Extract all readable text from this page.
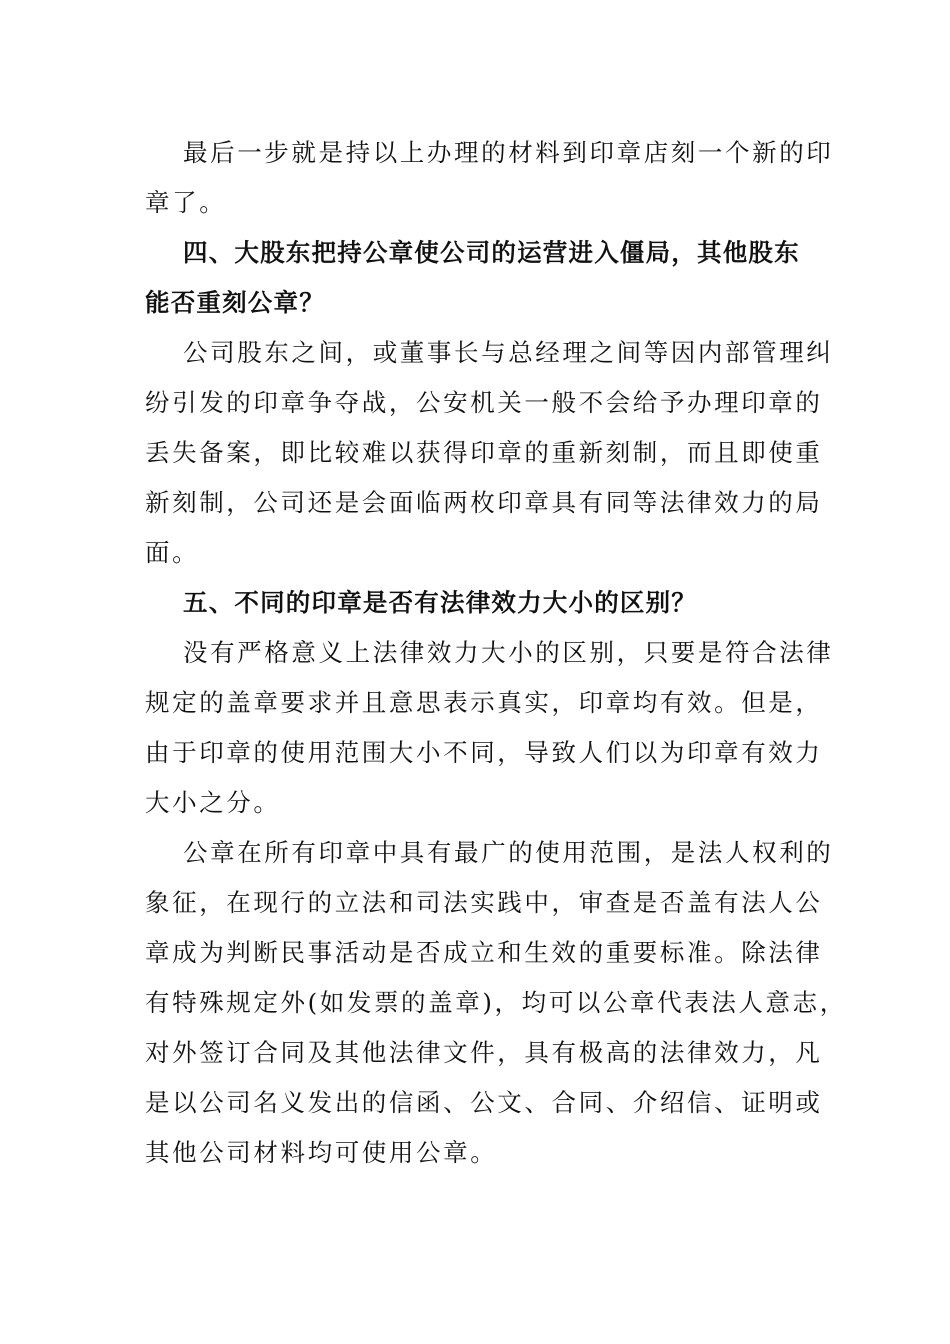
最后一步就是持以上办理的材料到印章店刻一个新的印
章了。
四、大股东把持公章使公司的运营进入僵局，其他股东
能否重刻公章？
公司股东之间，或董事长与总经理之间等因内部管理纠
纷引发的印章争夺战，公安机关一般不会给予办理印章的
丢失备案，即比较难以获得印章的重新刻制，而且即使重
新刻制，公司还是会面临两枚印章具有同等法律效力的局
面。
五、不同的印章是否有法律效力大小的区别？
没有严格意义上法律效力大小的区别，只要是符合法律
规定的盖章要求并且意思表示真实，印章均有效。但是，
由于印章的使用范围大小不同，导致人们以为印章有效力
大小之分。
公章在所有印章中具有最广的使用范围，是法人权利的
象征，在现行的立法和司法实践中，审查是否盖有法人公
章成为判断民事活动是否成立和生效的重要标准。除法律
有特殊规定外(如发票的盖章)，均可以公章代表法人意志，
对外签订合同及其他法律文件，具有极高的法律效力，凡
是以公司名义发出的信函、公文、合同、介绍信、证明或
其他公司材料均可使用公章。
